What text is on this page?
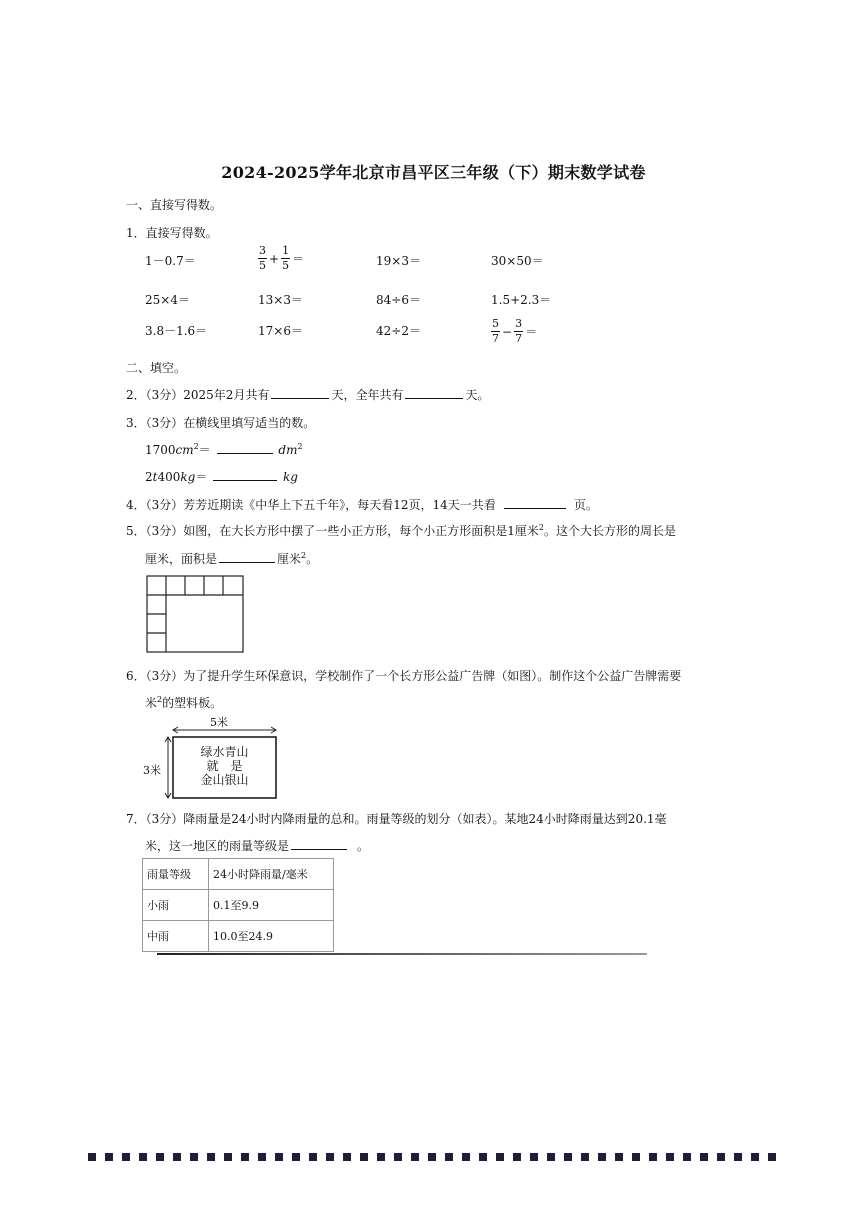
2024-2025学年北京市昌平区三年级（下）期末数学试卷
一、直接写得数。
1．直接写得数。
1－0.7＝	$\frac{3}{5} + \frac{1}{5}$ ＝	19×3＝	30×50＝
25×4＝	13×3＝	84÷6＝	1.5+2.3＝
3.8－1.6＝	17×6＝	42÷2＝	$\frac{5}{7} - \frac{3}{7}$ ＝
二、填空。
2．（3分）2025年2月共有	天，全年共有	天。
3．（3分）在横线里填写适当的数。
$1700cm^2=$	$dm^2$
2t400kg＝	kg
4．（3分）芳芳近期读《中华上下五千年》，每天看12页，14天一共看	页。
5．（3分）如图，在大长方形中摆了一些小正方形，每个小正方形面积是1厘米$^2$。这个大长方形的周长是
厘米，面积是	厘米$^2$。
6．（3分）为了提升学生环保意识，学校制作了一个长方形公益广告牌（如图）。制作这个公益广告牌需要
米$^2$的塑料板。
5米
3米
绿水青山
就　是
金山银山
7．（3分）降雨量是24小时内降雨量的总和。雨量等级的划分（如表）。某地24小时降雨量达到20.1毫
米，这一地区的雨量等级是	。
雨量等级	24小时降雨量/毫米
小雨	0.1至9.9
中雨	10.0至24.9
